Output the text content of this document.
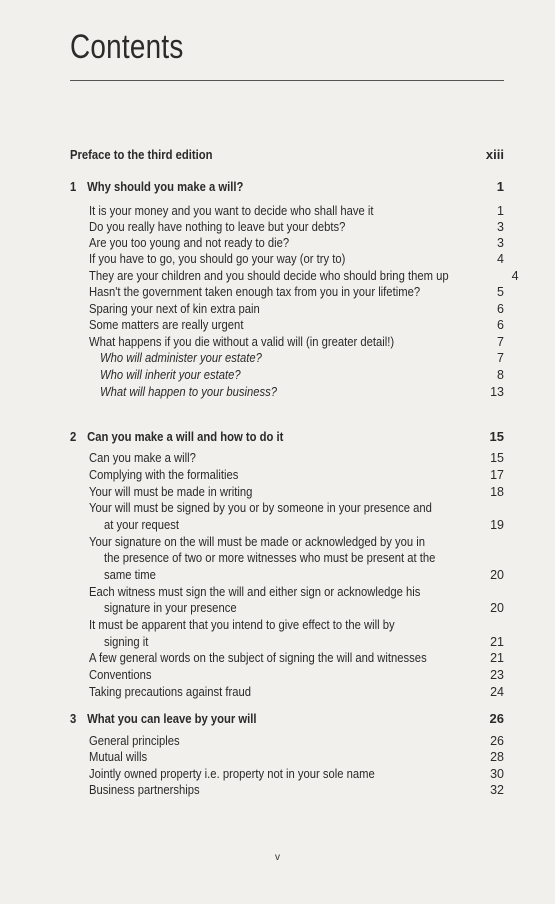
Contents
Preface to the third edition	xiii
1 Why should you make a will?	1
It is your money and you want to decide who shall have it	1
Do you really have nothing to leave but your debts?	3
Are you too young and not ready to die?	3
If you have to go, you should go your way (or try to)	4
They are your children and you should decide who should bring them up	4
Hasn't the government taken enough tax from you in your lifetime?	5
Sparing your next of kin extra pain	6
Some matters are really urgent	6
What happens if you die without a valid will (in greater detail!)	7
Who will administer your estate?	7
Who will inherit your estate?	8
What will happen to your business?	13
2 Can you make a will and how to do it	15
Can you make a will?	15
Complying with the formalities	17
Your will must be made in writing	18
Your will must be signed by you or by someone in your presence and
at your request	19
Your signature on the will must be made or acknowledged by you in
the presence of two or more witnesses who must be present at the
same time	20
Each witness must sign the will and either sign or acknowledge his
signature in your presence	20
It must be apparent that you intend to give effect to the will by
signing it	21
A few general words on the subject of signing the will and witnesses	21
Conventions	23
Taking precautions against fraud	24
3 What you can leave by your will	26
General principles	26
Mutual wills	28
Jointly owned property i.e. property not in your sole name	30
Business partnerships	32
v
